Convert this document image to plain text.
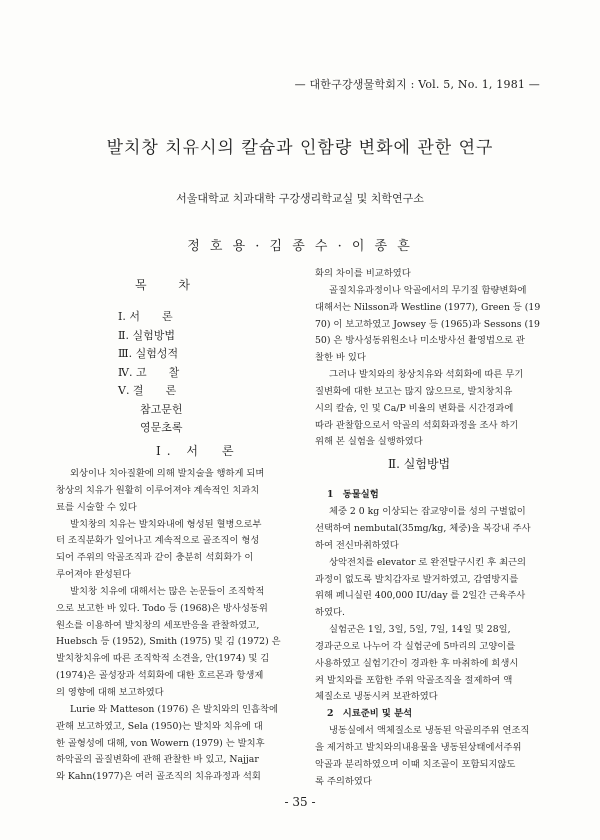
— 대한구강생물학회지 : Vol. 5, No. 1, 1981 —
발치창 치유시의 칼슘과 인함량 변화에 관한 연구
서울대학교 치과대학 구강생리학교실 및 치학연구소
정 호 용 · 김 종 수 · 이 종 흔
목 차
Ⅰ. 서　　론
Ⅱ. 실험방법
Ⅲ. 실험성적
Ⅳ. 고　　찰
Ⅴ. 결　　론
　　참고문헌
　　영문초록
Ⅰ. 서　론
외상이나 치아질환에 의해 발치술을 행하게 되며
창상의 치유가 원활히 이루어져야 계속적인 치과치
료를 시술할 수 있다
발치창의 치유는 발치와내에 형성된 혈병으로부
터 조직분화가 일어나고 계속적으로 골조직이 형성
되어 주위의 악골조직과 같이 충분히 석회화가 이
루어져야 완성된다
발치창 치유에 대해서는 많은 논문들이 조직학적
으로 보고한 바 있다. Todo 등 (1968)은 방사성동위
원소를 이용하여 발치창의 세포반응을 관찰하였고,
Huebsch 등 (1952), Smith (1975) 및 김 (1972) 은
발치창치유에 따른 조직학적 소견을, 안(1974) 및 김
(1974)은 골성장과 석회화에 대한 호르몬과 항생제
의 영향에 대해 보고하였다
Lurie 와 Matteson (1976) 은 발치와의 인흡착에
관해 보고하였고, Sela (1950)는 발치와 치유에 대
한 골형성에 대해, von Wowern (1979) 는 발치후
하악골의 골질변화에 관해 관찰한 바 있고, Najjar
와 Kahn(1977)은 여러 골조직의 치유과정과 석회
화의 차이를 비교하였다
골질치유과정이나 악골에서의 무기질 함량변화에
대해서는 Nilsson과 Westline (1977), Green 등 (19
70) 이 보고하였고 Jowsey 등 (1965)과 Sessons (19
50) 은 방사성동위원소나 미소방사선 촬영법으로 관
찰한 바 있다
그러나 발치와의 창상치유와 석회화에 따른 무기
질변화에 대한 보고는 많지 않으므로, 발치창치유
시의 칼슘, 인 및 Ca/P 비율의 변화를 시간경과에
따라 관찰함으로서 악골의 석회화과정을 조사 하기
위해 본 실험을 실행하였다
1　동물실험
체중 2 0 kg 이상되는 잡교양이를 성의 구별없이
선택하여 nembutal(35mg/kg, 체중)을 복강내 주사
하여 전신마취하였다
상악전치를 elevator 로 완전탈구시킨 후 최근의
과정이 없도록 발치감자로 발거하였고, 감염방지를
위해 페니실린 400,000 IU/day 를 2일간 근육주사
하였다.
실험군은 1일, 3일, 5일, 7일, 14일 및 28일,
경과군으로 나누어 각 실험군에 5마리의 고양이를
사용하였고 실험기간이 경과한 후 마취하에 희생시
켜 발치와를 포함한 주위 악골조직을 절제하여 액
체질소로 냉동시켜 보관하였다
2　시료준비 및 분석
냉동실에서 액체질소로 냉동된 악골의주위 연조직
을 제거하고 발치와의내용물을 냉동된상태에서주위
악골과 분리하였으며 이때 치조골이 포함되지않도
록 주의하였다
Ⅱ. 실험방법
- 35 -
